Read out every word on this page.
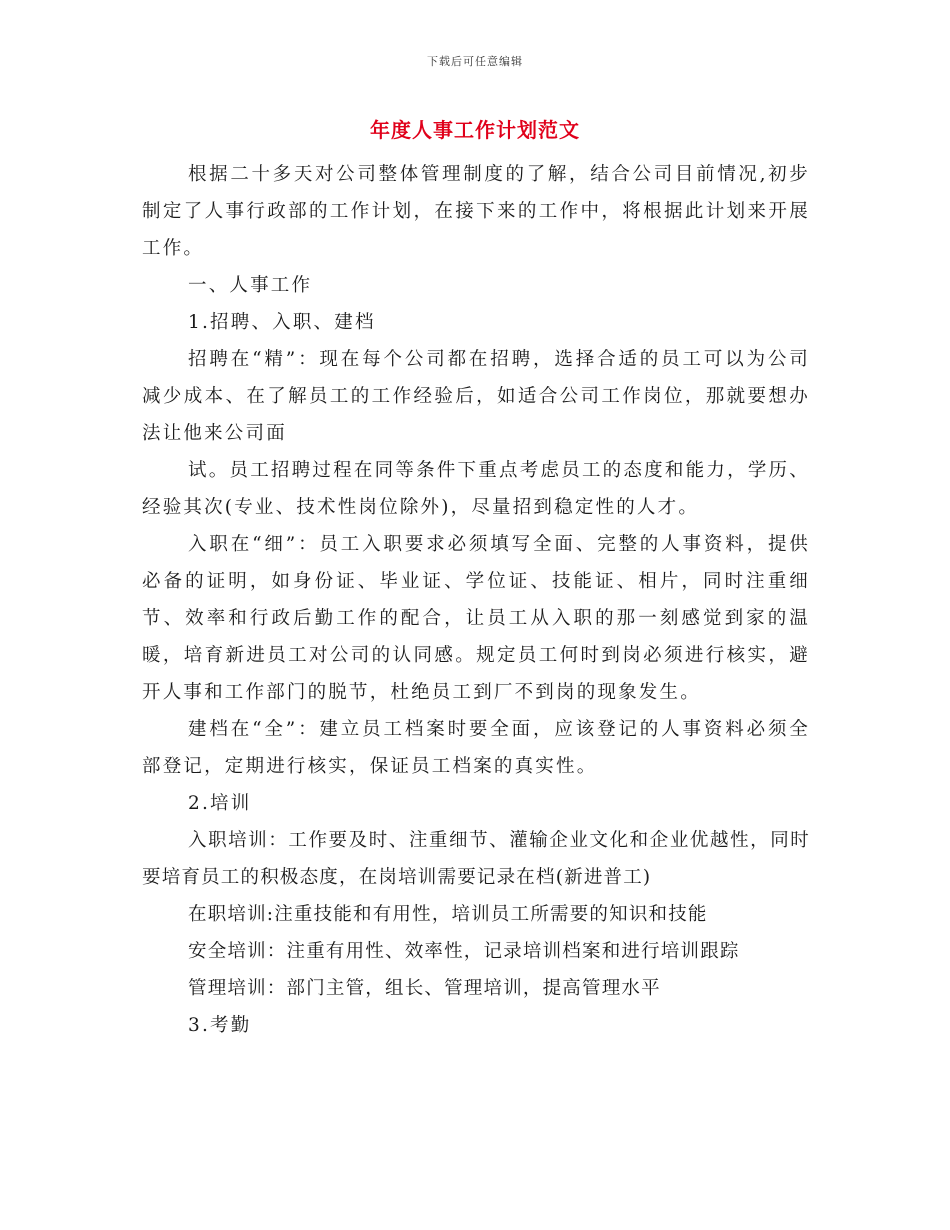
下载后可任意编辑
年度人事工作计划范文

根据二十多天对公司整体管理制度的了解，结合公司目前情况,初步制定了人事行政部的工作计划，在接下来的工作中，将根据此计划来开展工作。

一、人事工作

1.招聘、入职、建档

招聘在“精”：现在每个公司都在招聘，选择合适的员工可以为公司减少成本、在了解员工的工作经验后，如适合公司工作岗位，那就要想办法让他来公司面

试。员工招聘过程在同等条件下重点考虑员工的态度和能力，学历、经验其次(专业、技术性岗位除外)，尽量招到稳定性的人才。

入职在“细”：员工入职要求必须填写全面、完整的人事资料，提供必备的证明，如身份证、毕业证、学位证、技能证、相片，同时注重细节、效率和行政后勤工作的配合，让员工从入职的那一刻感觉到家的温暖，培育新进员工对公司的认同感。规定员工何时到岗必须进行核实，避开人事和工作部门的脱节，杜绝员工到厂不到岗的现象发生。

建档在“全”：建立员工档案时要全面，应该登记的人事资料必须全部登记，定期进行核实，保证员工档案的真实性。

2.培训

入职培训：工作要及时、注重细节、灌输企业文化和企业优越性，同时要培育员工的积极态度，在岗培训需要记录在档(新进普工)

在职培训:注重技能和有用性，培训员工所需要的知识和技能

安全培训：注重有用性、效率性，记录培训档案和进行培训跟踪

管理培训：部门主管，组长、管理培训，提高管理水平

3.考勤
